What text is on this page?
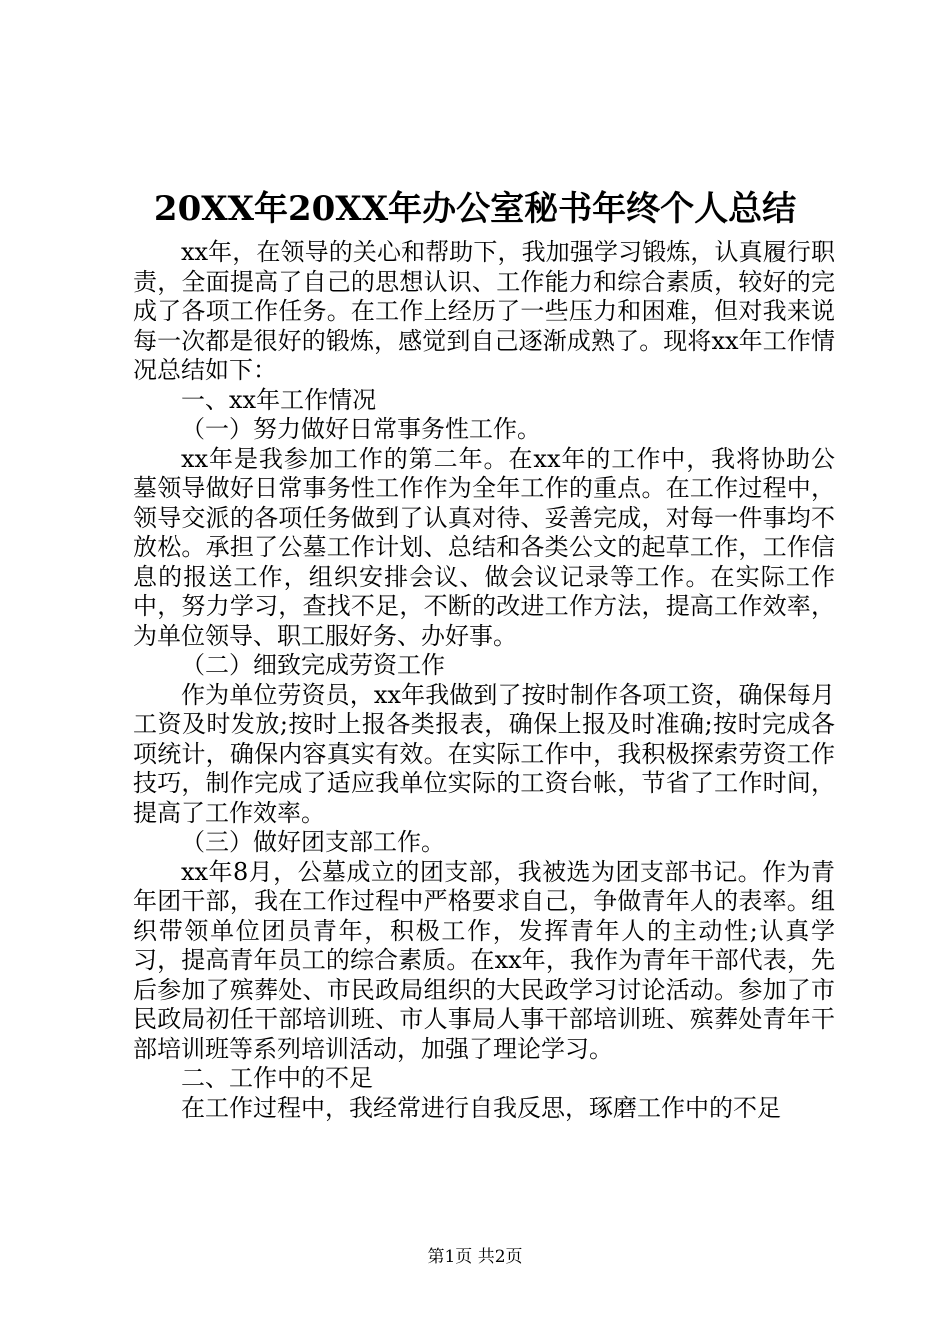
20XX年20XX年办公室秘书年终个人总结

xx年，在领导的关心和帮助下，我加强学习锻炼，认真履行职责，全面提高了自己的思想认识、工作能力和综合素质，较好的完成了各项工作任务。在工作上经历了一些压力和困难，但对我来说每一次都是很好的锻炼，感觉到自己逐渐成熟了。现将xx年工作情况总结如下：

一、xx年工作情况

（一）努力做好日常事务性工作。

xx年是我参加工作的第二年。在xx年的工作中，我将协助公墓领导做好日常事务性工作作为全年工作的重点。在工作过程中，领导交派的各项任务做到了认真对待、妥善完成，对每一件事均不放松。承担了公墓工作计划、总结和各类公文的起草工作，工作信息的报送工作，组织安排会议、做会议记录等工作。在实际工作中，努力学习，查找不足，不断的改进工作方法，提高工作效率，为单位领导、职工服好务、办好事。

（二）细致完成劳资工作

作为单位劳资员，xx年我做到了按时制作各项工资，确保每月工资及时发放;按时上报各类报表，确保上报及时准确;按时完成各项统计，确保内容真实有效。在实际工作中，我积极探索劳资工作技巧，制作完成了适应我单位实际的工资台帐，节省了工作时间，提高了工作效率。

（三）做好团支部工作。

xx年8月，公墓成立的团支部，我被选为团支部书记。作为青年团干部，我在工作过程中严格要求自己，争做青年人的表率。组织带领单位团员青年，积极工作，发挥青年人的主动性;认真学习，提高青年员工的综合素质。在xx年，我作为青年干部代表，先后参加了殡葬处、市民政局组织的大民政学习讨论活动。参加了市民政局初任干部培训班、市人事局人事干部培训班、殡葬处青年干部培训班等系列培训活动，加强了理论学习。

二、工作中的不足

在工作过程中，我经常进行自我反思，琢磨工作中的不足

第1页 共2页
